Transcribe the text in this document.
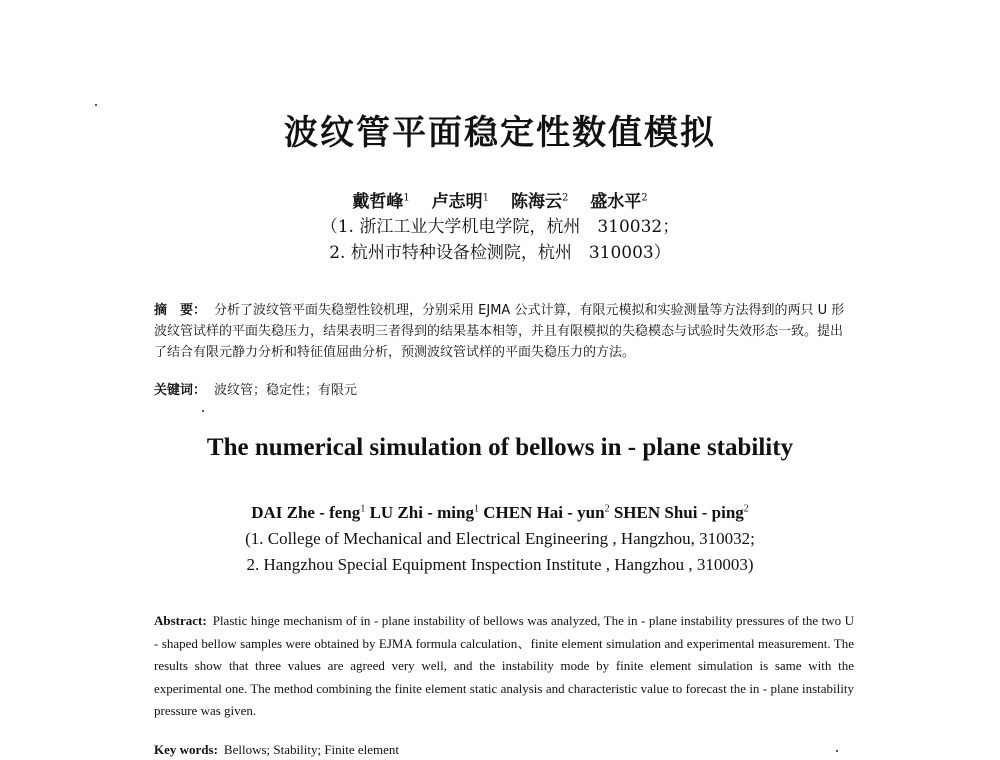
波纹管平面稳定性数值模拟
戴哲峰$^1$ 卢志明$^1$ 陈海云$^2$ 盛水平$^2$
（1. 浙江工业大学机电学院，杭州　310032；
2. 杭州市特种设备检测院，杭州　310003）
摘　要： 分析了波纹管平面失稳塑性铰机理，分别采用 EJMA 公式计算，有限元模拟和实验测量等方法得到的两只 U 形波纹管试样的平面失稳压力，结果表明三者得到的结果基本相等，并且有限模拟的失稳模态与试验时失效形态一致。提出了结合有限元静力分析和特征值屈曲分析，预测波纹管试样的平面失稳压力的方法。
关键词： 波纹管；稳定性；有限元
The numerical simulation of bellows in - plane stability
DAI Zhe - feng$^1$ LU Zhi - ming$^1$ CHEN Hai - yun$^2$ SHEN Shui - ping$^2$
(1. College of Mechanical and Electrical Engineering , Hangzhou, 310032;
2. Hangzhou Special Equipment Inspection Institute , Hangzhou , 310003)
Abstract: Plastic hinge mechanism of in - plane instability of bellows was analyzed, The in - plane instability pressures of the two U - shaped bellow samples were obtained by EJMA formula calculation、finite element simulation and experimental measurement. The results show that three values are agreed very well, and the instability mode by finite element simulation is same with the experimental one. The method combining the finite element static analysis and characteristic value to forecast the in - plane instability pressure was given.
Key words: Bellows; Stability; Finite element
